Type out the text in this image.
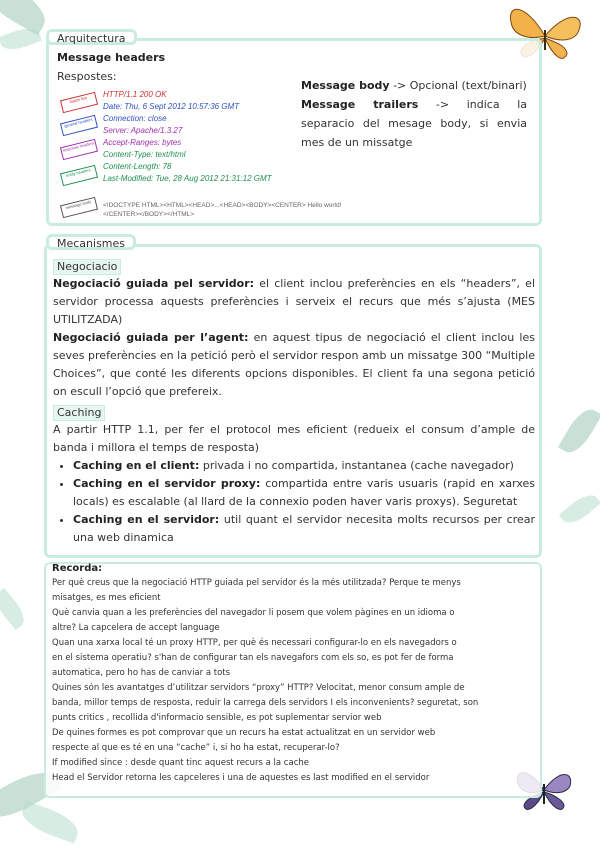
Message headers
Respostes:
status line
general headers
response headers
entity headers
message body
HTTP/1.1 200 OK
Date: Thu, 6 Sept 2012 10:57:36 GMT
Connection: close
Server: Apache/1.3.27
Accept-Ranges: bytes
Content-Type: text/html
Content-Length: 78
Last-Modified: Tue, 28 Aug 2012 21:31:12 GMT
<!DOCTYPE HTML><HTML><HEAD>...<HEAD><BODY><CENTER> Hello world!
</CENTER></BODY></HTML>
Message body -> Opcional (text/binari)
Message trailers -> indica la separacio del mesage body, si envia mes de un missatge
Arquitectura
Negociacio

Negociació guiada pel servidor: el client inclou preferències en els “headers”, el servidor processa aquests preferències i serveix el recurs que més s’ajusta (MES UTILITZADA)

Negociació guiada per l’agent: en aquest tipus de negociació el client inclou les seves preferències en la petició però el servidor respon amb un missatge 300 “Multiple Choices”, que conté les diferents opcions disponibles. El client fa una segona petició on escull l’opció que prefereix.

Caching

A partir HTTP 1.1, per fer el protocol mes eficient (redueix el consum d’ample de banda i millora el temps de resposta)

• Caching en el client: privada i no compartida, instantanea (cache navegador)
• Caching en el servidor proxy: compartida entre varis usuaris (rapid en xarxes locals) es escalable (al llard de la connexio poden haver varis proxys). Seguretat
• Caching en el servidor: util quant el servidor necesita molts recursos per crear una web dinamica
Mecanismes
Recorda:

Per què creus que la negociació HTTP guiada pel servidor és la més utilitzada? Perque te menys

misatges, es mes eficient

Què canvia quan a les preferències del navegador li posem que volem pàgines en un idioma o

altre? La capcelera de accept language

Quan una xarxa local té un proxy HTTP, per què és necessari configurar-lo en els navegadors o

en el sistema operatiu? s'han de configurar tan els navegafors com els so, es pot fer de forma

automatica, pero ho has de canviar a tots

Quines són les avantatges d’utilitzar servidors “proxy” HTTP? Velocitat, menor consum ample de

banda, millor temps de resposta, reduir la carrega dels servidors I els inconvenients? seguretat, son

punts critics , recollida d'informacio sensible, es pot suplementar servior web

De quines formes es pot comprovar que un recurs ha estat actualitzat en un servidor web

respecte al que es té en una “cache” i, si ho ha estat, recuperar-lo?

If modified since : desde quant tinc aquest recurs a la cache

Head el Servidor retorna les capceleres i una de aquestes es last modified en el servidor
